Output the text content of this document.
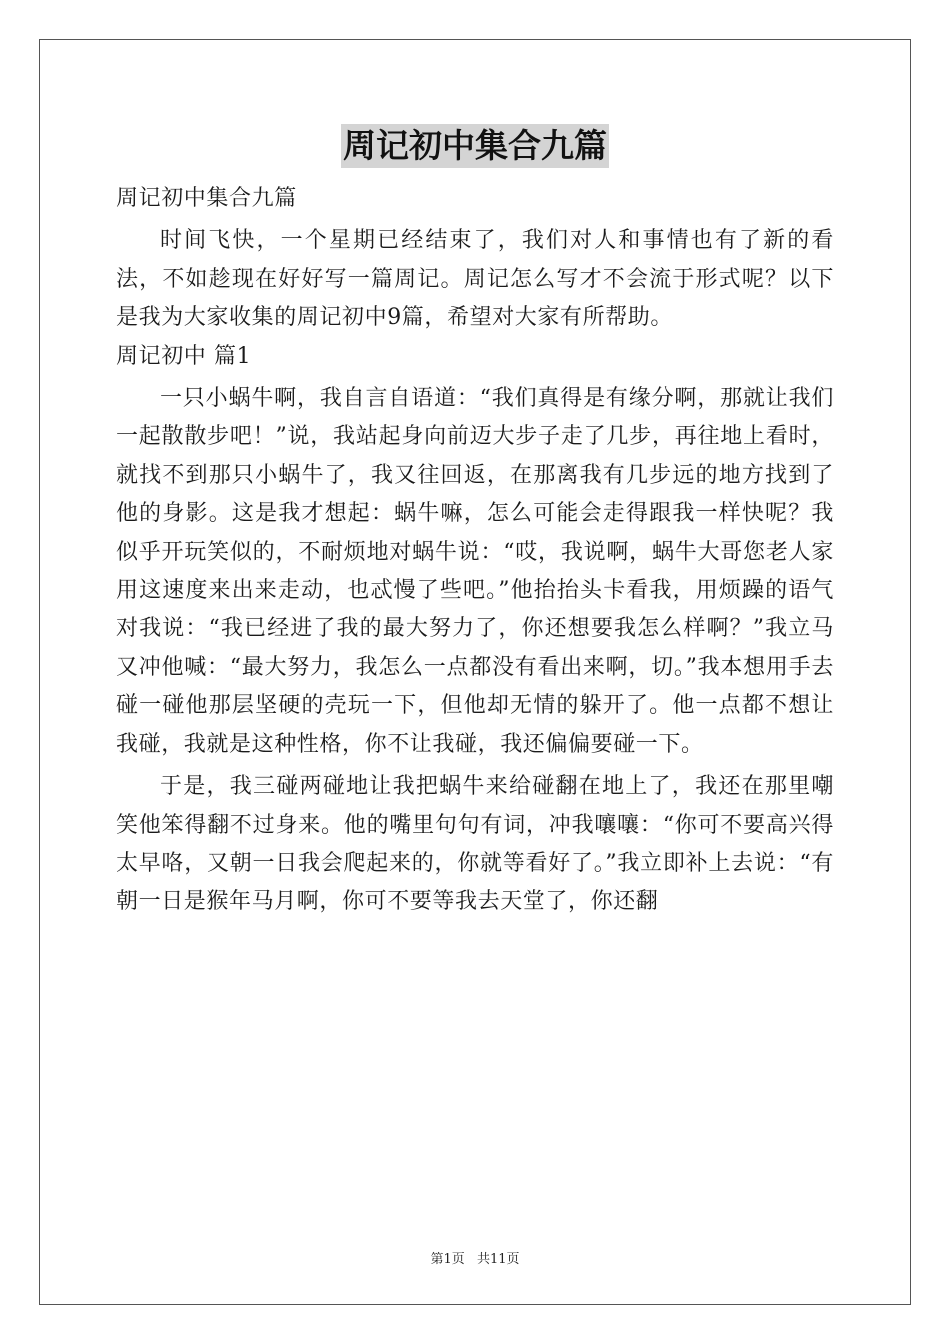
周记初中集合九篇

周记初中集合九篇

时间飞快，一个星期已经结束了，我们对人和事情也有了新的看法，不如趁现在好好写一篇周记。周记怎么写才不会流于形式呢？以下是我为大家收集的周记初中9篇，希望对大家有所帮助。

周记初中 篇1

一只小蜗牛啊，我自言自语道：“我们真得是有缘分啊，那就让我们一起散散步吧！”说，我站起身向前迈大步子走了几步，再往地上看时，就找不到那只小蜗牛了，我又往回返，在那离我有几步远的地方找到了他的身影。这是我才想起：蜗牛嘛，怎么可能会走得跟我一样快呢？我似乎开玩笑似的，不耐烦地对蜗牛说：“哎，我说啊，蜗牛大哥您老人家用这速度来出来走动，也忒慢了些吧。”他抬抬头卡看我，用烦躁的语气对我说：“我已经进了我的最大努力了，你还想要我怎么样啊？”我立马又冲他喊：“最大努力，我怎么一点都没有看出来啊，切。”我本想用手去碰一碰他那层坚硬的壳玩一下，但他却无情的躲开了。他一点都不想让我碰，我就是这种性格，你不让我碰，我还偏偏要碰一下。

于是，我三碰两碰地让我把蜗牛来给碰翻在地上了，我还在那里嘲笑他笨得翻不过身来。他的嘴里句句有词，冲我嚷嚷：“你可不要高兴得太早咯，又朝一日我会爬起来的，你就等看好了。”我立即补上去说：“有朝一日是猴年马月啊，你可不要等我去天堂了，你还翻

第1页 共11页
